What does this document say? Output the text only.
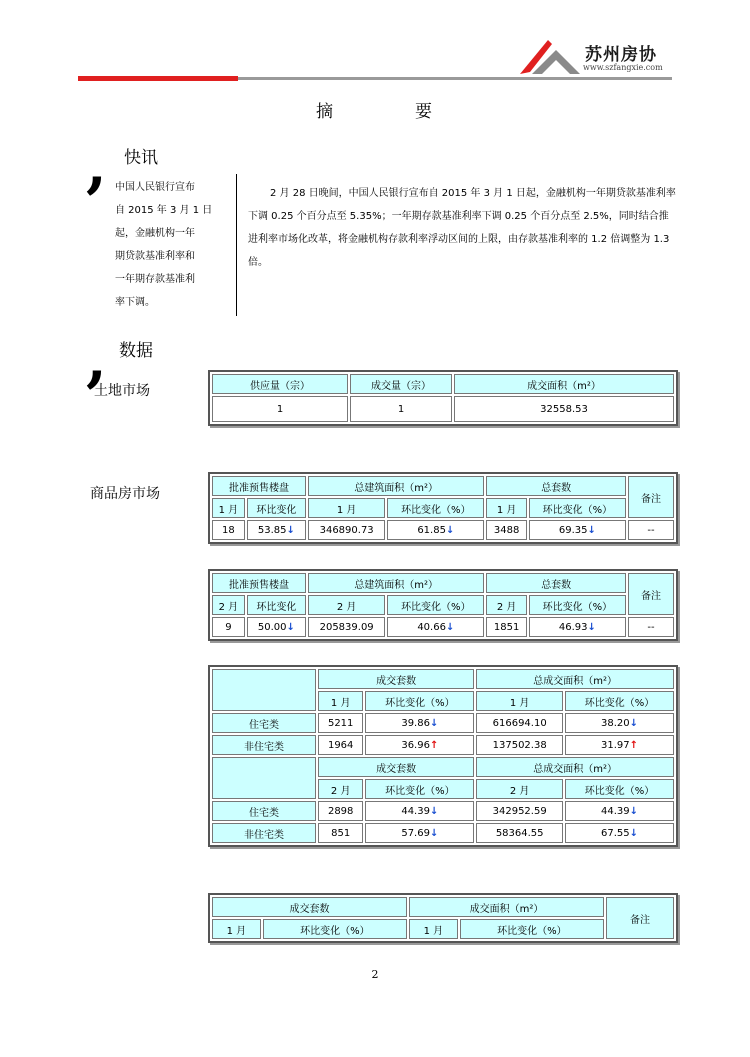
苏州房协
www.szfangxie.com
摘	要
, 快讯
中国人民银行宣布
自 2015 年 3 月 1 日
起，金融机构一年
期贷款基准利率和
一年期存款基准利
率下调。
2 月 28 日晚间，中国人民银行宣布自 2015 年 3 月 1 日起，金融机构一年期贷款基准利率下调 0.25 个百分点至 5.35%；一年期存款基准利率下调 0.25 个百分点至 2.5%，同时结合推进利率市场化改革，将金融机构存款利率浮动区间的上限，由存款基准利率的 1.2 倍调整为 1.3 倍。
, 数据
土地市场
商品房市场
供应量（宗）	成交量（宗）	成交面积（m²）
1	1	32558.53
批准预售楼盘		总建筑面积（m²）		总套数		备注
1 月	环比变化	1 月	环比变化（%）	1 月	环比变化（%）	
18	53.85↓	346890.73	61.85↓	3488	69.35↓	--
批准预售楼盘		总建筑面积（m²）		总套数		备注
2 月	环比变化	2 月	环比变化（%）	2 月	环比变化（%）	
9	50.00↓	205839.09	40.66↓	1851	46.93↓	--
	成交套数		总成交面积（m²）	
	1 月	环比变化（%）	1 月	环比变化（%）
住宅类	5211	39.86↓	616694.10	38.20↓
非住宅类	1964	36.96↑	137502.38	31.97↑
	成交套数		总成交面积（m²）	
	2 月	环比变化（%）	2 月	环比变化（%）
住宅类	2898	44.39↓	342952.59	44.39↓
非住宅类	851	57.69↓	58364.55	67.55↓
成交套数		成交面积（m²）		备注
1 月	环比变化（%）	1 月	环比变化（%）	
2
